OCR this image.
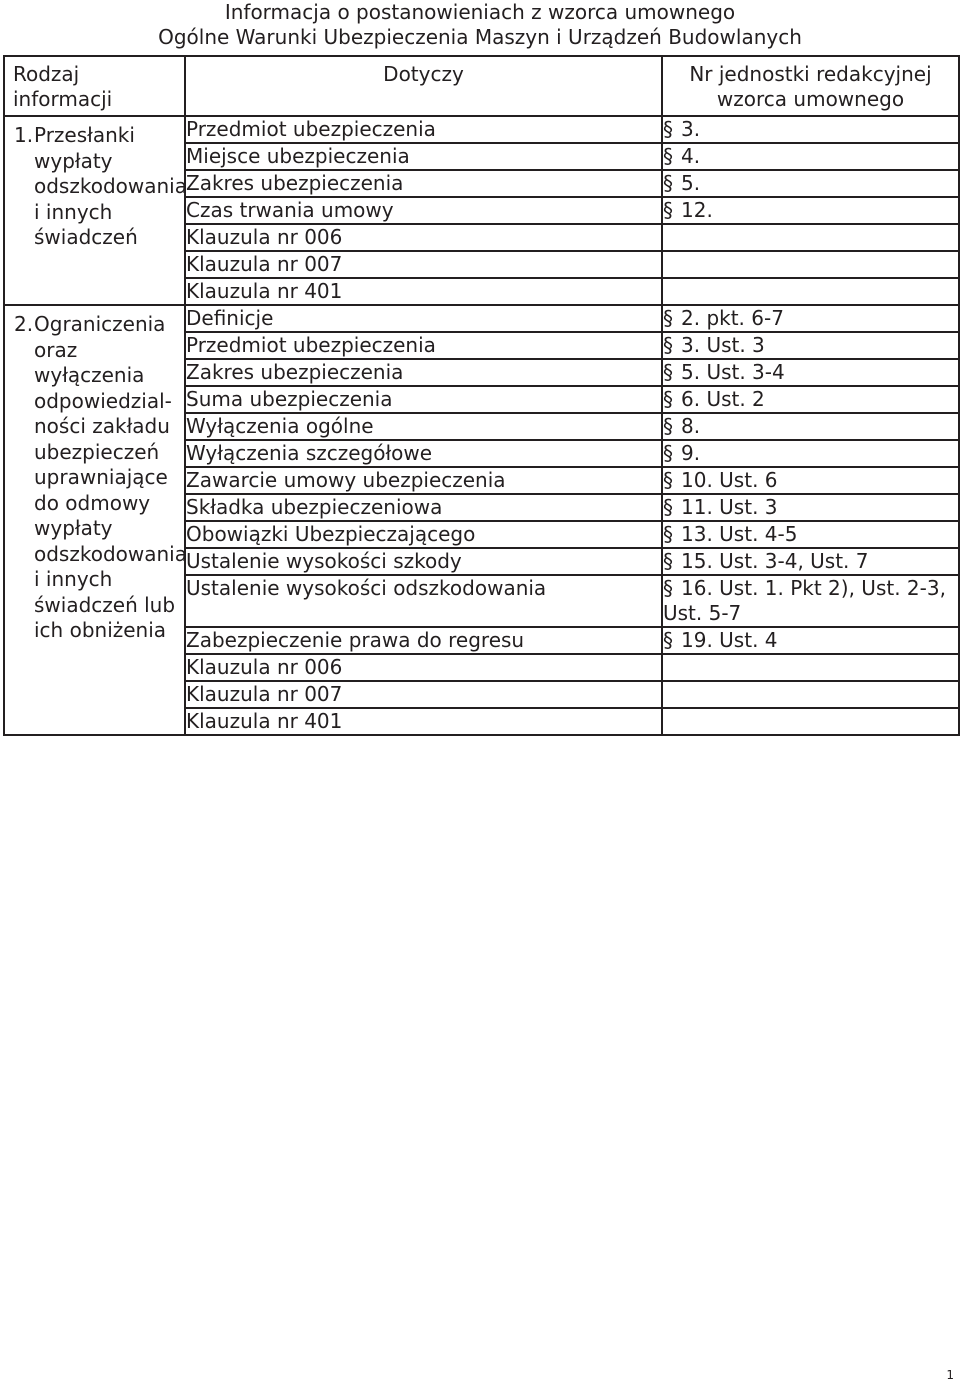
Informacja o postanowieniach z wzorca umownego
Ogólne Warunki Ubezpieczenia Maszyn i Urządzeń Budowlanych
Rodzaj informacji	Dotyczy	Nr jednostki redakcyjnej wzorca umownego

1.Przesłanki wypłaty odszkodowania i innych świadczeń	Przedmiot ubezpieczenia	§ 3.
	Miejsce ubezpieczenia	§ 4.
	Zakres ubezpieczenia	§ 5.
	Czas trwania umowy	§ 12.
	Klauzula nr 006	
	Klauzula nr 007	
	Klauzula nr 401	

2.Ograniczenia oraz wyłączenia odpowiedzial-ności zakładu ubezpieczeń uprawniające do odmowy wypłaty odszkodowania i innych świadczeń lub ich obniżenia	Definicje	§ 2. pkt. 6-7
	Przedmiot ubezpieczenia	§ 3. Ust. 3
	Zakres ubezpieczenia	§ 5. Ust. 3-4
	Suma ubezpieczenia	§ 6. Ust. 2
	Wyłączenia ogólne	§ 8.
	Wyłączenia szczegółowe	§ 9.
	Zawarcie umowy ubezpieczenia	§ 10. Ust. 6
	Składka ubezpieczeniowa	§ 11. Ust. 3
	Obowiązki Ubezpieczającego	§ 13. Ust. 4-5
	Ustalenie wysokości szkody	§ 15. Ust. 3-4, Ust. 7
	Ustalenie wysokości odszkodowania	§ 16. Ust. 1. Pkt 2), Ust. 2-3, Ust. 5-7
	Zabezpieczenie prawa do regresu	§ 19. Ust. 4
	Klauzula nr 006	
	Klauzula nr 007	
	Klauzula nr 401	
1
